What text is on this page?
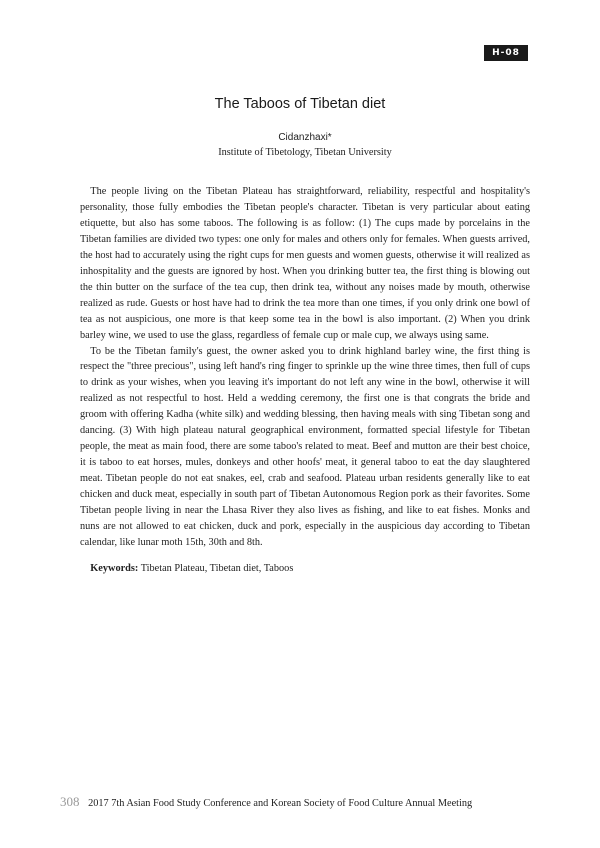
H-08
The Taboos of Tibetan diet
Cidanzhaxi*
Institute of Tibetology, Tibetan University

The people living on the Tibetan Plateau has straightforward, reliability, respectful and hospitality's personality, those fully embodies the Tibetan people's character. Tibetan is very particular about eating etiquette, but also has some taboos. The following is as follow: (1) The cups made by porcelains in the Tibetan families are divided two types: one only for males and others only for females. When guests arrived, the host had to accurately using the right cups for men guests and women guests, otherwise it will realized as inhospitality and the guests are ignored by host. When you drinking butter tea, the first thing is blowing out the thin butter on the surface of the tea cup, then drink tea, without any noises made by mouth, otherwise realized as rude. Guests or host have had to drink the tea more than one times, if you only drink one bowl of tea as not auspicious, one more is that keep some tea in the bowl is also important. (2) When you drink barley wine, we used to use the glass, regardless of female cup or male cup, we always using same.

To be the Tibetan family's guest, the owner asked you to drink highland barley wine, the first thing is respect the "three precious", using left hand's ring finger to sprinkle up the wine three times, then full of cups to drink as your wishes, when you leaving it's important do not left any wine in the bowl, otherwise it will realized as not respectful to host. Held a wedding ceremony, the first one is that congrats the bride and groom with offering Kadha (white silk) and wedding blessing, then having meals with sing Tibetan song and dancing. (3) With high plateau natural geographical environment, formatted special lifestyle for Tibetan people, the meat as main food, there are some taboo's related to meat. Beef and mutton are their best choice, it is taboo to eat horses, mules, donkeys and other hoofs' meat, it general taboo to eat the day slaughtered meat. Tibetan people do not eat snakes, eel, crab and seafood. Plateau urban residents generally like to eat chicken and duck meat, especially in south part of Tibetan Autonomous Region pork as their favorites. Some Tibetan people living in near the Lhasa River they also lives as fishing, and like to eat fishes. Monks and nuns are not allowed to eat chicken, duck and pork, especially in the auspicious day according to Tibetan calendar, like lunar moth 15th, 30th and 8th.

Keywords: Tibetan Plateau, Tibetan diet, Taboos
308 2017 7th Asian Food Study Conference and Korean Society of Food Culture Annual Meeting
